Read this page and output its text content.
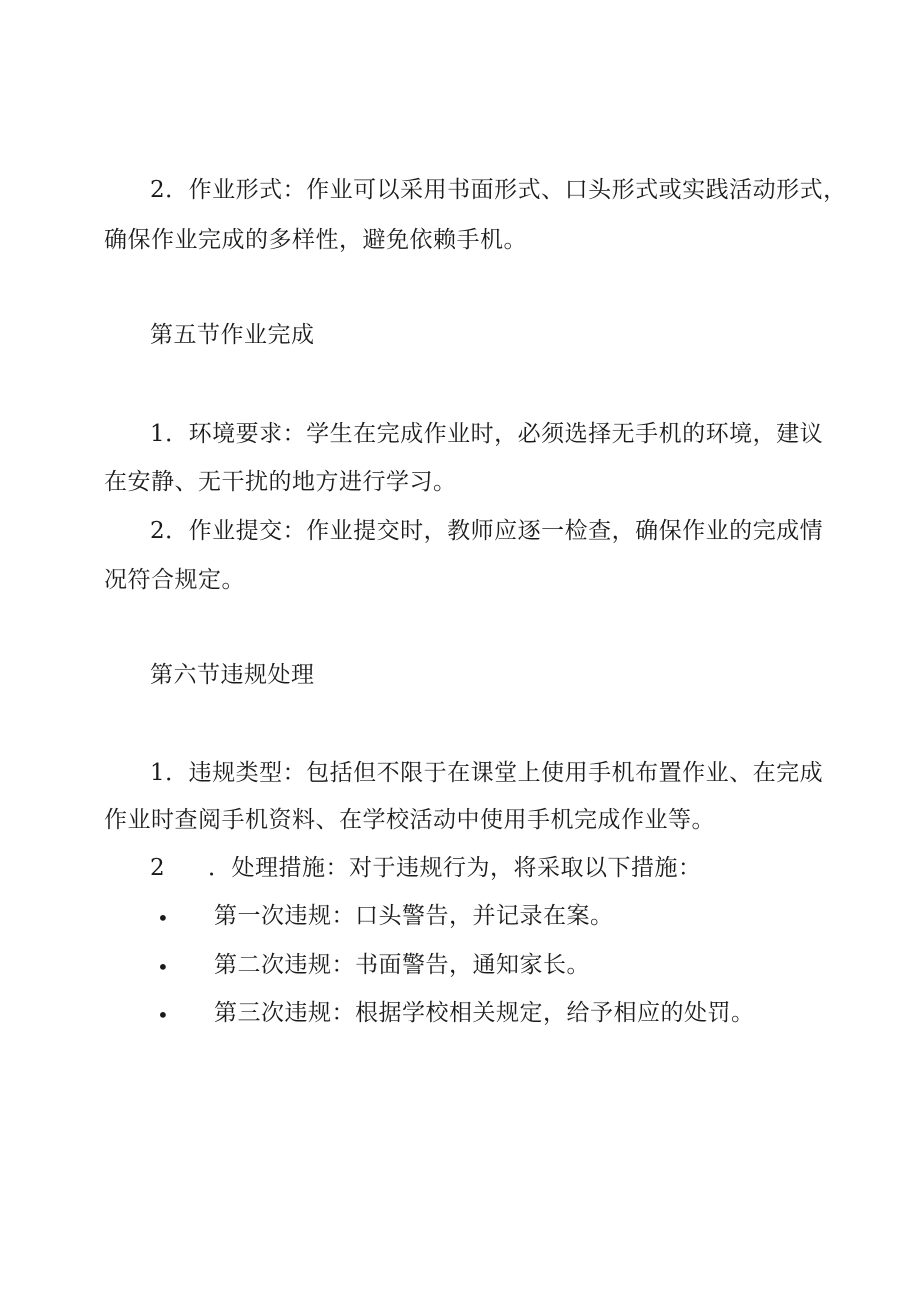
2．作业形式：作业可以采用书面形式、口头形式或实践活动形式，
确保作业完成的多样性，避免依赖手机。
第五节作业完成
1．环境要求：学生在完成作业时，必须选择无手机的环境，建议
在安静、无干扰的地方进行学习。
2．作业提交：作业提交时，教师应逐一检查，确保作业的完成情
况符合规定。
第六节违规处理
1．违规类型：包括但不限于在课堂上使用手机布置作业、在完成
作业时查阅手机资料、在学校活动中使用手机完成作业等。
2 ．处理措施：对于违规行为，将采取以下措施：
• 第一次违规：口头警告，并记录在案。
• 第二次违规：书面警告，通知家长。
• 第三次违规：根据学校相关规定，给予相应的处罚。
